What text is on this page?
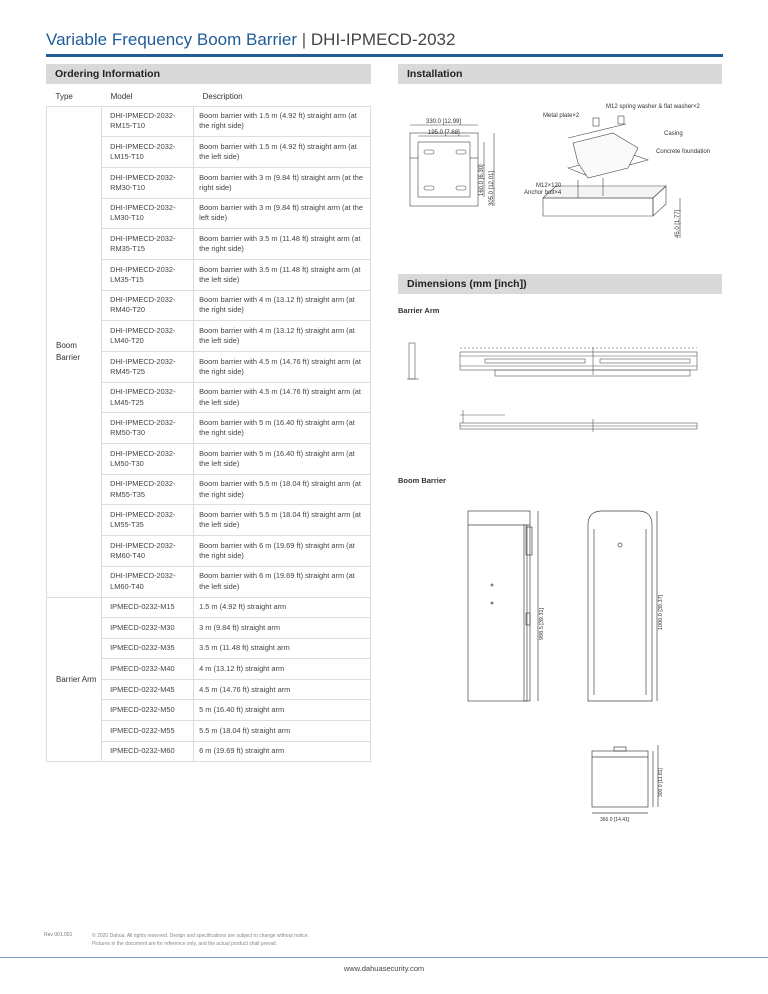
Variable Frequency Boom Barrier | DHI-IPMECD-2032
Ordering Information
Type	Model	Description
Boom Barrier	DHI-IPMECD-2032-RM15-T10	Boom barrier with 1.5 m (4.92 ft) straight arm (at the right side)
	DHI-IPMECD-2032-LM15-T10	Boom barrier with 1.5 m (4.92 ft) straight arm (at the left side)
	DHI-IPMECD-2032-RM30-T10	Boom barrier with 3 m (9.84 ft) straight arm (at the right side)
	DHI-IPMECD-2032-LM30-T10	Boom barrier with 3 m (9.84 ft) straight arm (at the left side)
	DHI-IPMECD-2032-RM35-T15	Boom barrier with 3.5 m (11.48 ft) straight arm (at the right side)
	DHI-IPMECD-2032-LM35-T15	Boom barrier with 3.5 m (11.48 ft) straight arm (at the left side)
	DHI-IPMECD-2032-RM40-T20	Boom barrier with 4 m (13.12 ft) straight arm (at the right side)
	DHI-IPMECD-2032-LM40-T20	Boom barrier with 4 m (13.12 ft) straight arm (at the left side)
	DHI-IPMECD-2032-RM45-T25	Boom barrier with 4.5 m (14.76 ft) straight arm (at the right side)
	DHI-IPMECD-2032-LM45-T25	Boom barrier with 4.5 m (14.76 ft) straight arm (at the left side)
	DHI-IPMECD-2032-RM50-T30	Boom barrier with 5 m (16.40 ft) straight arm (at the right side)
	DHI-IPMECD-2032-LM50-T30	Boom barrier with 5 m (16.40 ft) straight arm (at the left side)
	DHI-IPMECD-2032-RM55-T35	Boom barrier with 5.5 m (18.04 ft) straight arm (at the right side)
	DHI-IPMECD-2032-LM55-T35	Boom barrier with 5.5 m (18.04 ft) straight arm (at the left side)
	DHI-IPMECD-2032-RM60-T40	Boom barrier with 6 m (19.69 ft) straight arm (at the right side)
	DHI-IPMECD-2032-LM60-T40	Boom barrier with 6 m (19.69 ft) straight arm (at the left side)
Barrier Arm	IPMECD-0232-M15	1.5 m (4.92 ft) straight arm
	IPMECD-0232-M30	3 m (9.84 ft) straight arm
	IPMECD-0232-M35	3.5 m (11.48 ft) straight arm
	IPMECD-0232-M40	4 m (13.12 ft) straight arm
	IPMECD-0232-M45	4.5 m (14.76 ft) straight arm
	IPMECD-0232-M50	5 m (16.40 ft) straight arm
	IPMECD-0232-M55	5.5 m (18.04 ft) straight arm
	IPMECD-0232-M60	6 m (19.69 ft) straight arm
Installation
330.0 [12.99]
195.0 [7.68]
160.0 [6.30] 305.0 [12.01]
Metal plate×2
M12 spring washer & flat washer×2
Casing
Concrete foundation
M12×120
Anchor bolt×4
45.0 [1.77]
Dimensions (mm [inch])
Barrier Arm
Boom Barrier
998.5 [39.31]	1000.0 [39.37]
300.0 [11.81]
366.0 [14.41]
Rev 001.001	© 2020 Dahua. All rights reserved. Design and specifications are subject to change without notice.
Pictures in the document are for reference only, and the actual product shall prevail.
www.dahuasecurity.com
